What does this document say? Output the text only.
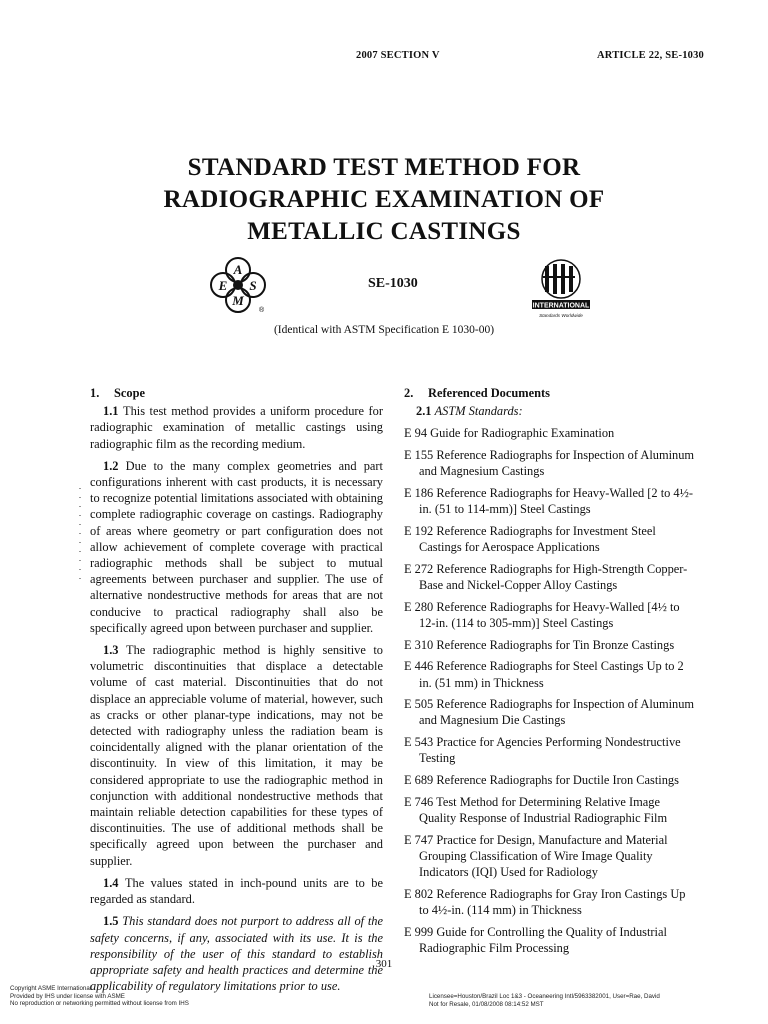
2007 SECTION V	ARTICLE 22, SE-1030
STANDARD TEST METHOD FOR
RADIOGRAPHIC EXAMINATION OF
METALLIC CASTINGS
A
E S
M
®
SE-1030
INTERNATIONAL
Standards Worldwide
(Identical with ASTM Specification E 1030-00)
1. Scope
1.1 This test method provides a uniform procedure for radiographic examination of metallic castings using radiographic film as the recording medium.
1.2 Due to the many complex geometries and part configurations inherent with cast products, it is necessary to recognize potential limitations associated with obtaining complete radiographic coverage on castings. Radiography of areas where geometry or part configuration does not allow achievement of complete coverage with practical radiographic methods shall be subject to mutual agreements between purchaser and supplier. The use of alternative nondestructive methods for areas that are not conducive to practical radiography shall also be specifically agreed upon between purchaser and supplier.
1.3 The radiographic method is highly sensitive to volumetric discontinuities that displace a detectable volume of cast material. Discontinuities that do not displace an appreciable volume of material, however, such as cracks or other planar-type indications, may not be detected with radiography unless the radiation beam is coincidentally aligned with the planar orientation of the discontinuity. In view of this limitation, it may be considered appropriate to use the radiographic method in conjunction with additional nondestructive methods that maintain reliable detection capabilities for these types of discontinuities. The use of additional methods shall be specifically agreed upon between the purchaser and supplier.
1.4 The values stated in inch-pound units are to be regarded as standard.
1.5 This standard does not purport to address all of the safety concerns, if any, associated with its use. It is the responsibility of the user of this standard to establish appropriate safety and health practices and determine the applicability of regulatory limitations prior to use.
2. Referenced Documents
2.1 ASTM Standards:
E 94 Guide for Radiographic Examination
E 155 Reference Radiographs for Inspection of Aluminum and Magnesium Castings
E 186 Reference Radiographs for Heavy-Walled [2 to 4½-in. (51 to 114-mm)] Steel Castings
E 192 Reference Radiographs for Investment Steel Castings for Aerospace Applications
E 272 Reference Radiographs for High-Strength Copper-Base and Nickel-Copper Alloy Castings
E 280 Reference Radiographs for Heavy-Walled [4½ to 12-in. (114 to 305-mm)] Steel Castings
E 310 Reference Radiographs for Tin Bronze Castings
E 446 Reference Radiographs for Steel Castings Up to 2 in. (51 mm) in Thickness
E 505 Reference Radiographs for Inspection of Aluminum and Magnesium Die Castings
E 543 Practice for Agencies Performing Nondestructive Testing
E 689 Reference Radiographs for Ductile Iron Castings
E 746 Test Method for Determining Relative Image Quality Response of Industrial Radiographic Film
E 747 Practice for Design, Manufacture and Material Grouping Classification of Wire Image Quality Indicators (IQI) Used for Radiology
E 802 Reference Radiographs for Gray Iron Castings Up to 4½-in. (114 mm) in Thickness
E 999 Guide for Controlling the Quality of Industrial Radiographic Film Processing
301
Copyright ASME International
Provided by IHS under license with ASME
No reproduction or networking permitted without license from IHS
Licensee=Houston/Brazil Loc 1&3 - Oceaneering Intl/5963382001, User=Rae, David
Not for Resale, 01/08/2008 08:14:52 MST
